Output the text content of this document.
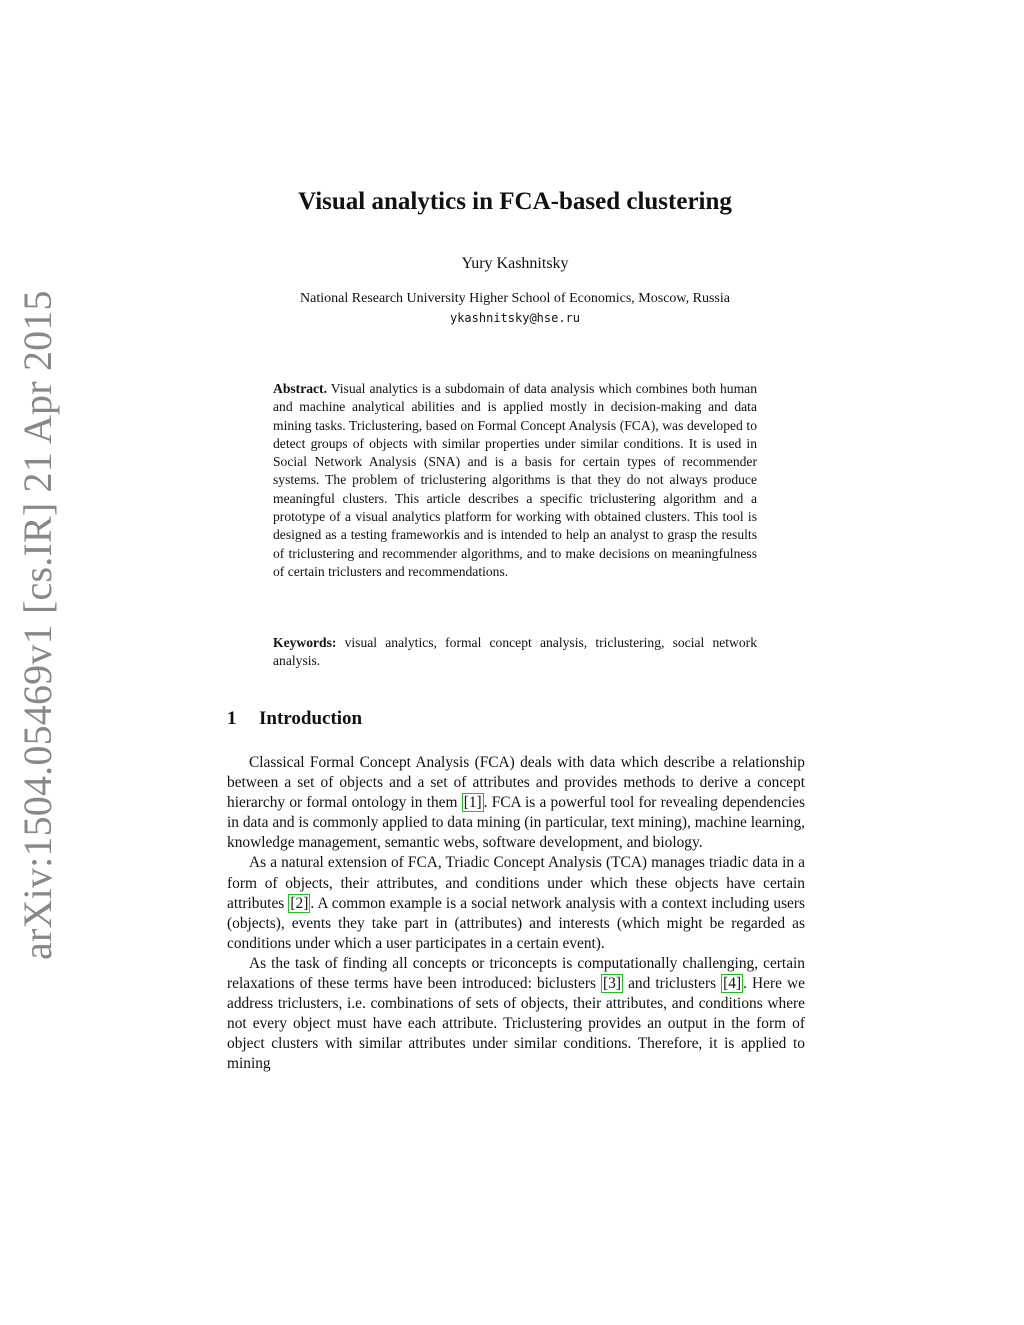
arXiv:1504.05469v1 [cs.IR] 21 Apr 2015
Visual analytics in FCA-based clustering
Yury Kashnitsky
National Research University Higher School of Economics, Moscow, Russia
ykashnitsky@hse.ru
Abstract. Visual analytics is a subdomain of data analysis which combines both human and machine analytical abilities and is applied mostly in decision-making and data mining tasks. Triclustering, based on Formal Concept Analysis (FCA), was developed to detect groups of objects with similar properties under similar conditions. It is used in Social Network Analysis (SNA) and is a basis for certain types of recommender systems. The problem of triclustering algorithms is that they do not always produce meaningful clusters. This article describes a specific triclustering algorithm and a prototype of a visual analytics platform for working with obtained clusters. This tool is designed as a testing frameworkis and is intended to help an analyst to grasp the results of triclustering and recommender algorithms, and to make decisions on meaningfulness of certain triclusters and recommendations.
Keywords: visual analytics, formal concept analysis, triclustering, social network analysis.
1 Introduction

Classical Formal Concept Analysis (FCA) deals with data which describe a relationship between a set of objects and a set of attributes and provides methods to derive a concept hierarchy or formal ontology in them [1] . FCA is a powerful tool for revealing dependencies in data and is commonly applied to data mining (in particular, text mining), machine learning, knowledge management, semantic webs, software development, and biology.

As a natural extension of FCA, Triadic Concept Analysis (TCA) manages triadic data in a form of objects, their attributes, and conditions under which these objects have certain attributes [2] . A common example is a social network analysis with a context including users (objects), events they take part in (attributes) and interests (which might be regarded as conditions under which a user participates in a certain event).

As the task of finding all concepts or triconcepts is computationally challenging, certain relaxations of these terms have been introduced: biclusters [3] and triclusters [4] . Here we address triclusters, i.e. combinations of sets of objects, their attributes, and conditions where not every object must have each attribute. Triclustering provides an output in the form of object clusters with similar attributes under similar conditions. Therefore, it is applied to mining
